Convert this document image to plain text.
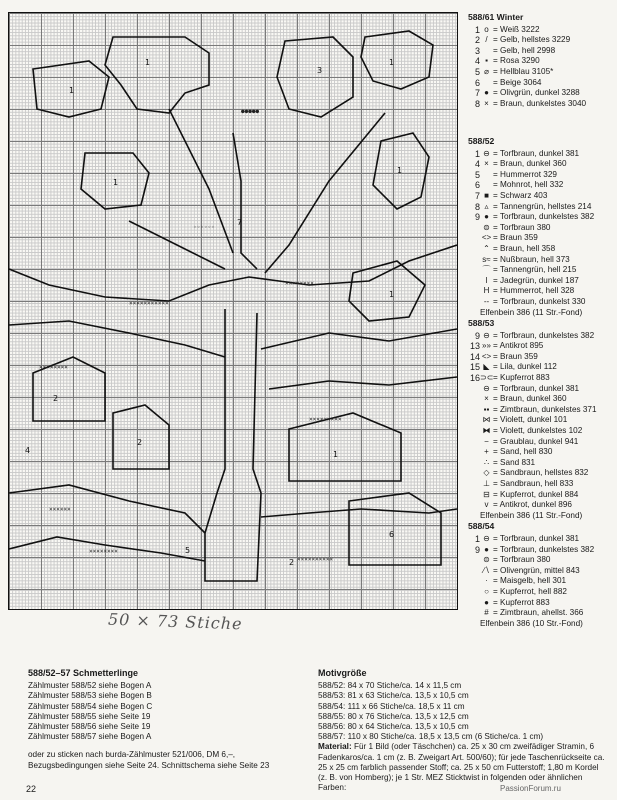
1
3
1
1
1
7
1
1
2
2
1
6
5
4
2
××××××××
×××××××××××
××××××××
×××××××××
××××××
××××××××××
××××××××
◦◦◦◦◦◦
●●●●●
50 × 73 Stiche
588/61 Winter
1 o = Weiß 3222
2 / = Gelb, hellstes 3229
3 = Gelb, hell 2998
4 ▪ = Rosa 3290
5 ⌀ = Hellblau 3105*
6 = Beige 3064
7 ● = Olivgrün, dunkel 3288
8 × = Braun, dunkelstes 3040
588/52
1 ⊖ = Torfbraun, dunkel 381
4 × = Braun, dunkel 360
5 = Hummerrot 329
6 = Mohnrot, hell 332
7 ■ = Schwarz 403
8 ▵ = Tannengrün, hellstes 214
9 ● = Torfbraun, dunkelstes 382
⊜ = Torfbraun 380
<> = Braun 359
⌃ = Braun, hell 358
s≈ = Nußbraun, hell 373
⌒ = Tannengrün, hell 215
I = Jadegrün, dunkel 187
H = Hummerrot, hell 328
-- = Torfbraun, dunkelst 330
Elfenbein 386 (11 Str.-Fond)
588/53
9 ⊖ = Torfbraun, dunkelstes 382
13 »» = Antikrot 895
14 <> = Braun 359
15 ◣ = Lila, dunkel 112
16 ⊃⊂ = Kupferrot 883
⊖ = Torfbraun, dunkel 381
× = Braun, dunkel 360
▪▪ = Zimtbraun, dunkelstes 371
⋈ = Violett, dunkel 101
⧓ = Violett, dunkelstes 102
− = Graublau, dunkel 941
+ = Sand, hell 830
∴ = Sand 831
◇ = Sandbraun, hellstes 832
⊥ = Sandbraun, hell 833
⊟ = Kupferrot, dunkel 884
v = Antikrot, dunkel 896
Elfenbein 386 (11 Str.-Fond)
588/54
1 ⊖ = Torfbraun, dunkel 381
9 ● = Torfbraun, dunkelstes 382
⊜ = Torfbraun 380
⁄∖ = Olivengrün, mittel 843
· = Maisgelb, hell 301
○ = Kupferrot, hell 882
● = Kupferrot 883
# = Zimtbraun, ahellst. 366
Elfenbein 386 (10 Str.-Fond)
588/52–57 Schmetterlinge
Zählmuster 588/52 siehe Bogen A
Zählmuster 588/53 siehe Bogen B
Zählmuster 588/54 siehe Bogen C
Zählmuster 588/55 siehe Seite 19
Zählmuster 588/56 siehe Seite 19
Zählmuster 588/57 siehe Bogen A
oder zu sticken nach burda-Zählmuster 521/006, DM 6,–, Bezugsbedingungen siehe Seite 24. Schnittschema siehe Seite 23
Motivgröße
588/52: 84 x 70 Stiche/ca. 14 x 11,5 cm
588/53: 81 x 63 Stiche/ca. 13,5 x 10,5 cm
588/54: 111 x 66 Stiche/ca. 18,5 x 11 cm
588/55: 80 x 76 Stiche/ca. 13,5 x 12,5 cm
588/56: 80 x 64 Stiche/ca. 13,5 x 10,5 cm
588/57: 110 x 80 Stiche/ca. 18,5 x 13,5 cm (6 Stiche/ca. 1 cm)
Material: Für 1 Bild (oder Täschchen) ca. 25 x 30 cm zweifädiger Stramin, 6 Fadenkaros/ca. 1 cm (z. B. Zweigart Art. 500/60); für jede Taschenrückseite ca. 25 x 25 cm farblich passender Stoff; ca. 25 x 50 cm Futterstoff; 1,80 m Kordel (z. B. von Homberg); je 1 Str. MEZ Sticktwist in folgenden oder ähnlichen Farben:
22	PassionForum.ru
